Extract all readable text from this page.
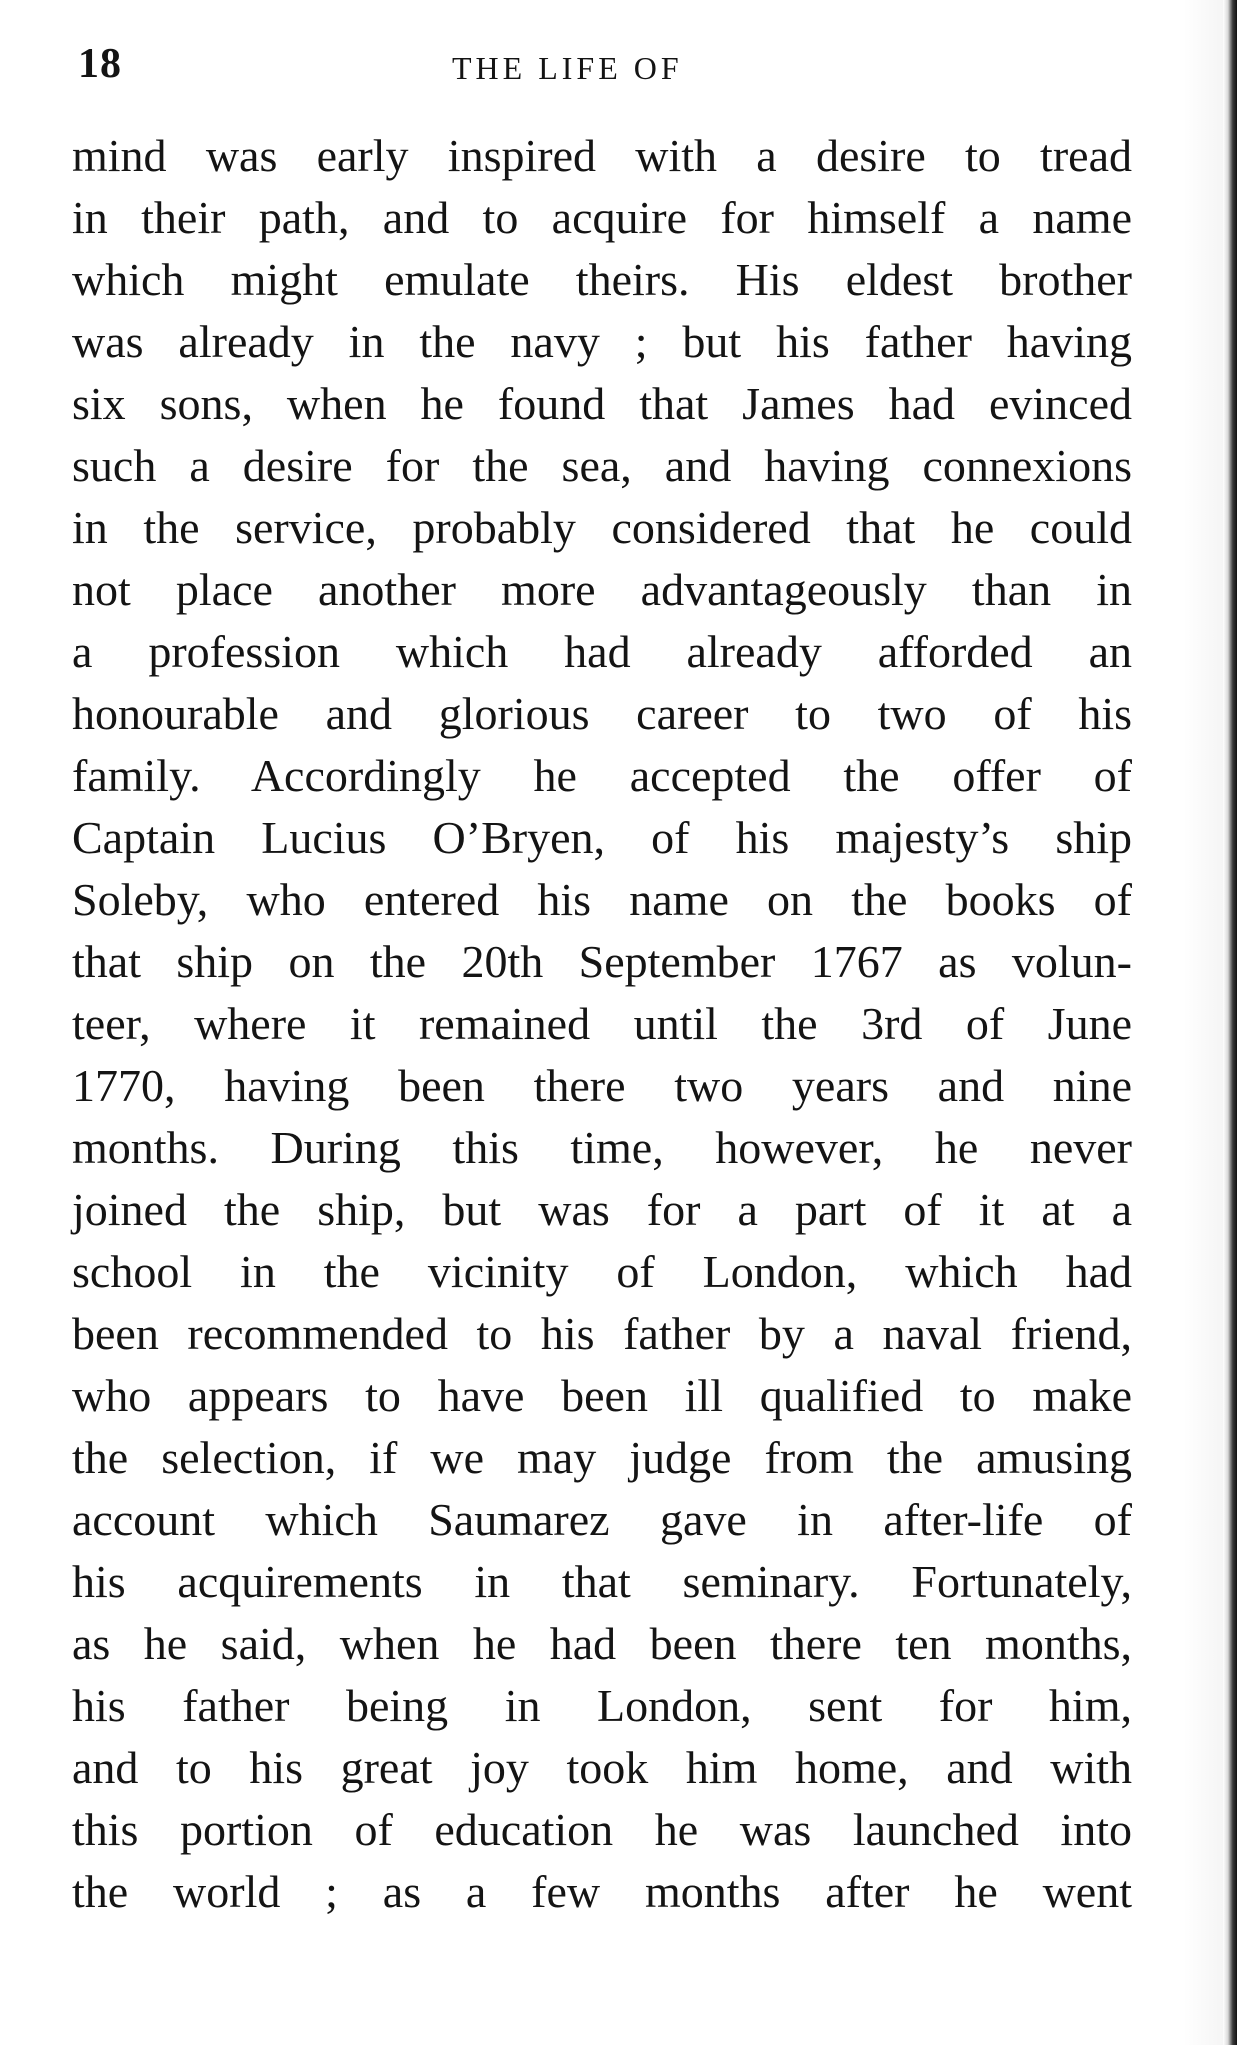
18	THE LIFE OF
mind was early inspired with a desire to tread
in their path, and to acquire for himself a name
which might emulate theirs. His eldest brother
was already in the navy ; but his father having
six sons, when he found that James had evinced
such a desire for the sea, and having connexions
in the service, probably considered that he could
not place another more advantageously than in
a profession which had already afforded an
honourable and glorious career to two of his
family. Accordingly he accepted the offer of
Captain Lucius O’Bryen, of his majesty’s ship
Soleby, who entered his name on the books of
that ship on the 20th September 1767 as volun-
teer, where it remained until the 3rd of June
1770, having been there two years and nine
months. During this time, however, he never
joined the ship, but was for a part of it at a
school in the vicinity of London, which had
been recommended to his father by a naval friend,
who appears to have been ill qualified to make
the selection, if we may judge from the amusing
account which Saumarez gave in after-life of
his acquirements in that seminary. Fortunately,
as he said, when he had been there ten months,
his father being in London, sent for him,
and to his great joy took him home, and with
this portion of education he was launched into
the world ; as a few months after he went
